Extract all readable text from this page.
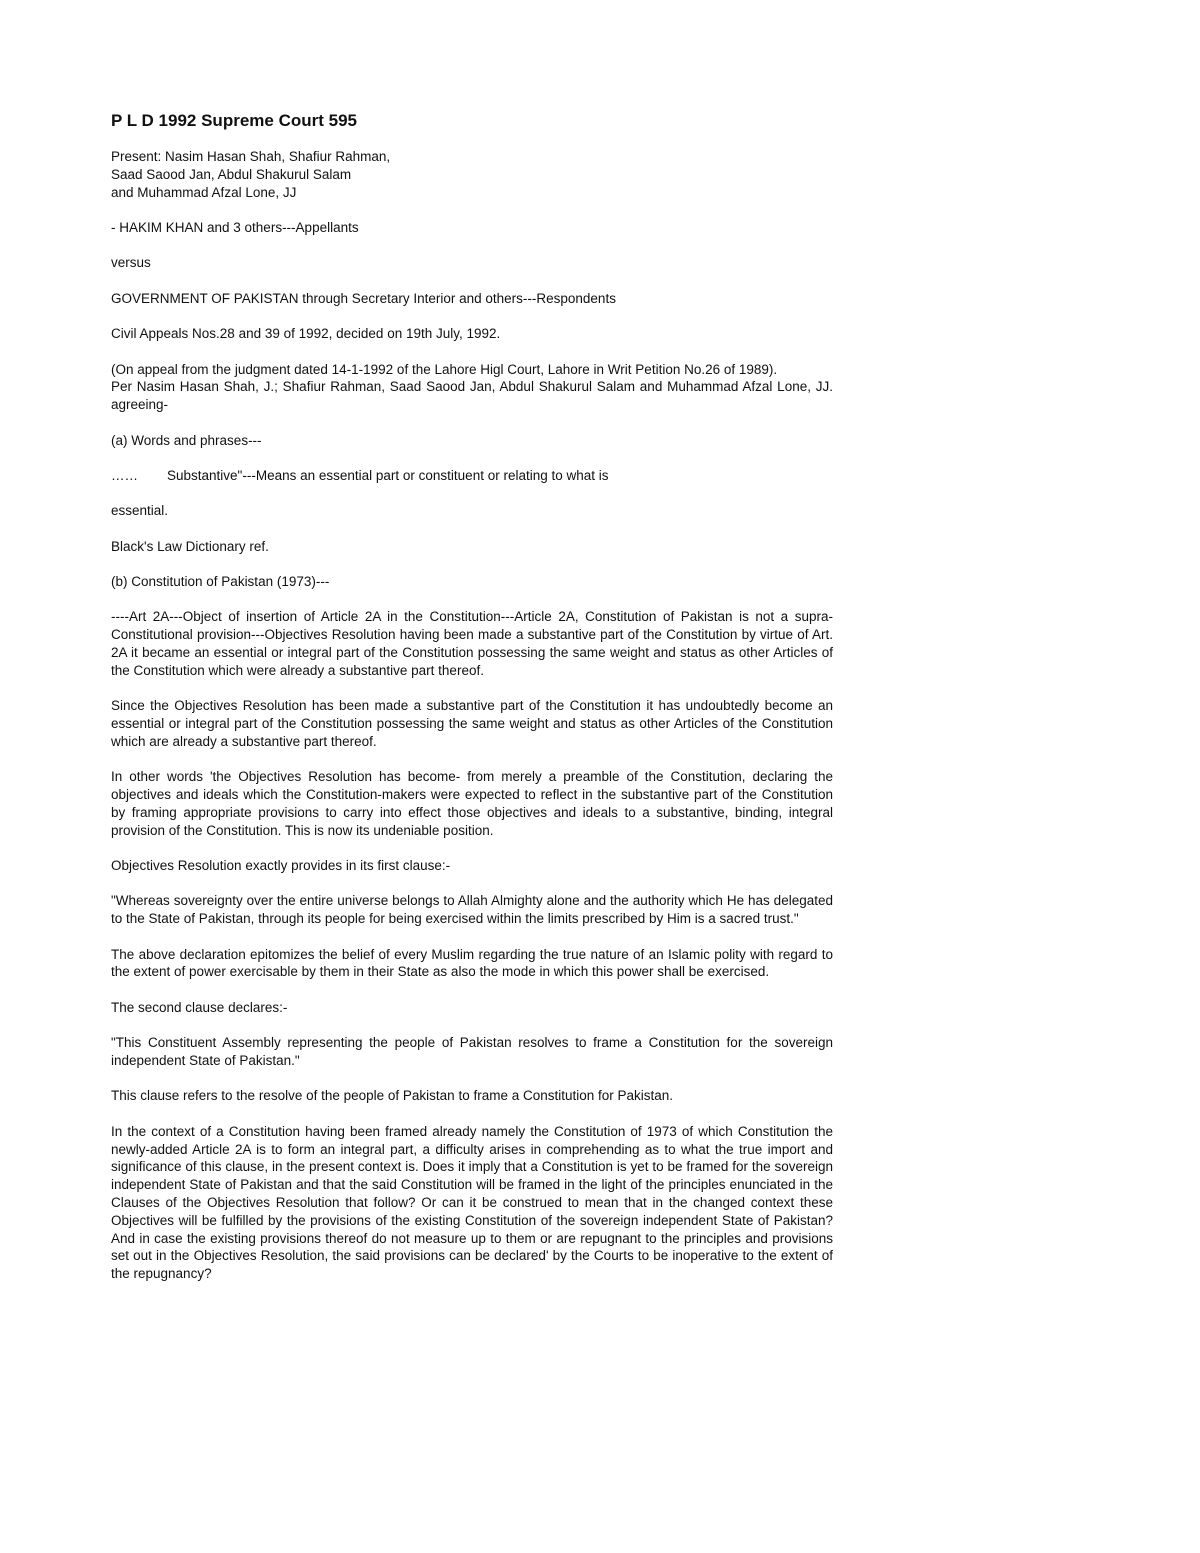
P L D 1992 Supreme Court 595
Present: Nasim Hasan Shah, Shafiur Rahman,
Saad Saood Jan, Abdul Shakurul Salam
and Muhammad Afzal Lone, JJ
- HAKIM KHAN and 3 others---Appellants
versus
GOVERNMENT OF PAKISTAN through Secretary Interior and others---Respondents
Civil Appeals Nos.28 and 39 of 1992, decided on 19th July, 1992.
(On appeal from the judgment dated 14-1-1992 of the Lahore Higl Court, Lahore in Writ Petition No.26 of 1989).
Per Nasim Hasan Shah, J.; Shafiur Rahman, Saad Saood Jan, Abdul Shakurul Salam and Muhammad Afzal Lone, JJ. agreeing-
(a) Words and phrases---
…… Substantive"---Means an essential part or constituent or relating to what is
essential.
Black's Law Dictionary ref.
(b) Constitution of Pakistan (1973)---
----Art 2A---Object of insertion of Article 2A in the Constitution---Article 2A, Constitution of Pakistan is not a supra-Constitutional provision---Objectives Resolution having been made a substantive part of the Constitution by virtue of Art. 2A it became an essential or integral part of the Constitution possessing the same weight and status as other Articles of the Constitution which were already a substantive part thereof.
Since the Objectives Resolution has been made a substantive part of the Constitution it has undoubtedly become an essential or integral part of the Constitution possessing the same weight and status as other Articles of the Constitution which are already a substantive part thereof.
In other words 'the Objectives Resolution has become- from merely a preamble of the Constitution, declaring the objectives and ideals which the Constitution-makers were expected to reflect in the substantive part of the Constitution by framing appropriate provisions to carry into effect those objectives and ideals to a substantive, binding, integral provision of the Constitution. This is now its undeniable position.
Objectives Resolution exactly provides in its first clause:-
"Whereas sovereignty over the entire universe belongs to Allah Almighty alone and the authority which He has delegated to the State of Pakistan, through its people for being exercised within the limits prescribed by Him is a sacred trust."
The above declaration epitomizes the belief of every Muslim regarding the true nature of an Islamic polity with regard to the extent of power exercisable by them in their State as also the mode in which this power shall be exercised.
The second clause declares:-
"This Constituent Assembly representing the people of Pakistan resolves to frame a Constitution for the sovereign independent State of Pakistan."
This clause refers to the resolve of the people of Pakistan to frame a Constitution for Pakistan.
In the context of a Constitution having been framed already namely the Constitution of 1973 of which Constitution the newly-added Article 2A is to form an integral part, a difficulty arises in comprehending as to what the true import and significance of this clause, in the present context is. Does it imply that a Constitution is yet to be framed for the sovereign independent State of Pakistan and that the said Constitution will be framed in the light of the principles enunciated in the Clauses of the Objectives Resolution that follow? Or can it be construed to mean that in the changed context these Objectives will be fulfilled by the provisions of the existing Constitution of the sovereign independent State of Pakistan? And in case the existing provisions thereof do not measure up to them or are repugnant to the principles and provisions set out in the Objectives Resolution, the said provisions can be declared' by the Courts to be inoperative to the extent of the repugnancy?
